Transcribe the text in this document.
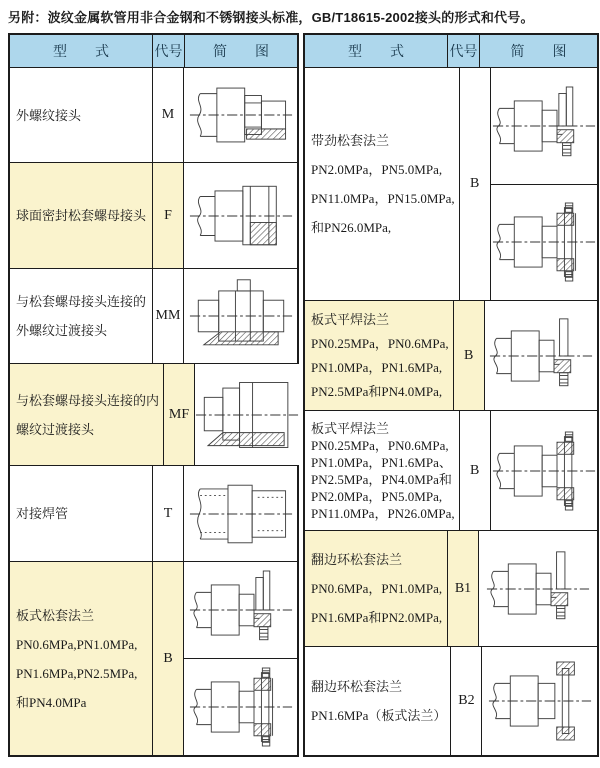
另附：波纹金属软管用非合金钢和不锈钢接头标准，GB/T18615-2002接头的形式和代号。
型　　式	代号	简　　图
外螺纹接头	M
球面密封松套螺母接头	F
与松套螺母接头连接的
外螺纹过渡接头
MM
与松套螺母接头连接的内
螺纹过渡接头
MF
对接焊管	T
板式松套法兰
PN0.6MPa,PN1.0MPa,
PN1.6MPa,PN2.5MPa,
和PN4.0MPa
B
型　　式	代号	简　　图
带劲松套法兰
PN2.0MPa，PN5.0MPa,
PN11.0MPa，PN15.0MPa,
和PN26.0MPa,
B
板式平焊法兰
PN0.25MPa，PN0.6MPa,
PN1.0MPa，PN1.6MPa,
PN2.5MPa和PN4.0MPa,
B
板式平焊法兰
PN0.25MPa，PN0.6MPa,
PN1.0MPa，PN1.6MPa、
PN2.5MPa，PN4.0MPa和
PN2.0MPa，PN5.0MPa,
PN11.0MPa，PN26.0MPa,
B
翻边环松套法兰
PN0.6MPa，PN1.0MPa,
PN1.6MPa和PN2.0MPa,
B1
翻边环松套法兰
PN1.6MPa（板式法兰）
B2
